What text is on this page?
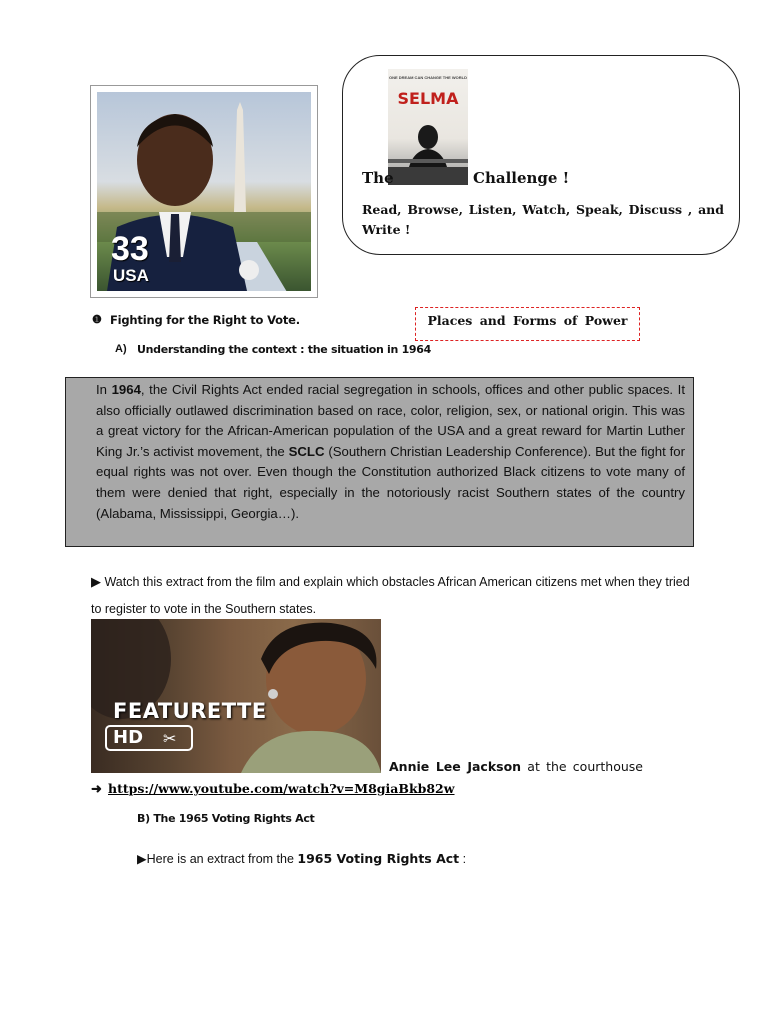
33
USA
ONE DREAM CAN CHANGE THE WORLD
SELMA
The	Challenge !
Read, Browse, Listen, Watch, Speak, Discuss , and
Write !
❶ Fighting for the Right to Vote.	Places and Forms of Power
A) Understanding the context : the situation in 1964

In 1964, the Civil Rights Act ended racial segregation in schools, offices and other public spaces. It also officially outlawed discrimination based on race, color, religion, sex, or national origin. This was a great victory for the African-American population of the USA and a great reward for Martin Luther King Jr.’s activist movement, the SCLC (Southern Christian Leadership Conference). But the fight for equal rights was not over. Even though the Constitution authorized Black citizens to vote many of them were denied that right, especially in the notoriously racist Southern states of the country (Alabama, Mississippi, Georgia…).

▶ Watch this extract from the film and explain which obstacles African American citizens met when they tried to register to vote in the Southern states.
FEATURETTE
HD ✂
Annie Lee Jackson at the courthouse
➜ https://www.youtube.com/watch?v=M8giaBkb82w
B) The 1965 Voting Rights Act
▶Here is an extract from the 1965 Voting Rights Act :
